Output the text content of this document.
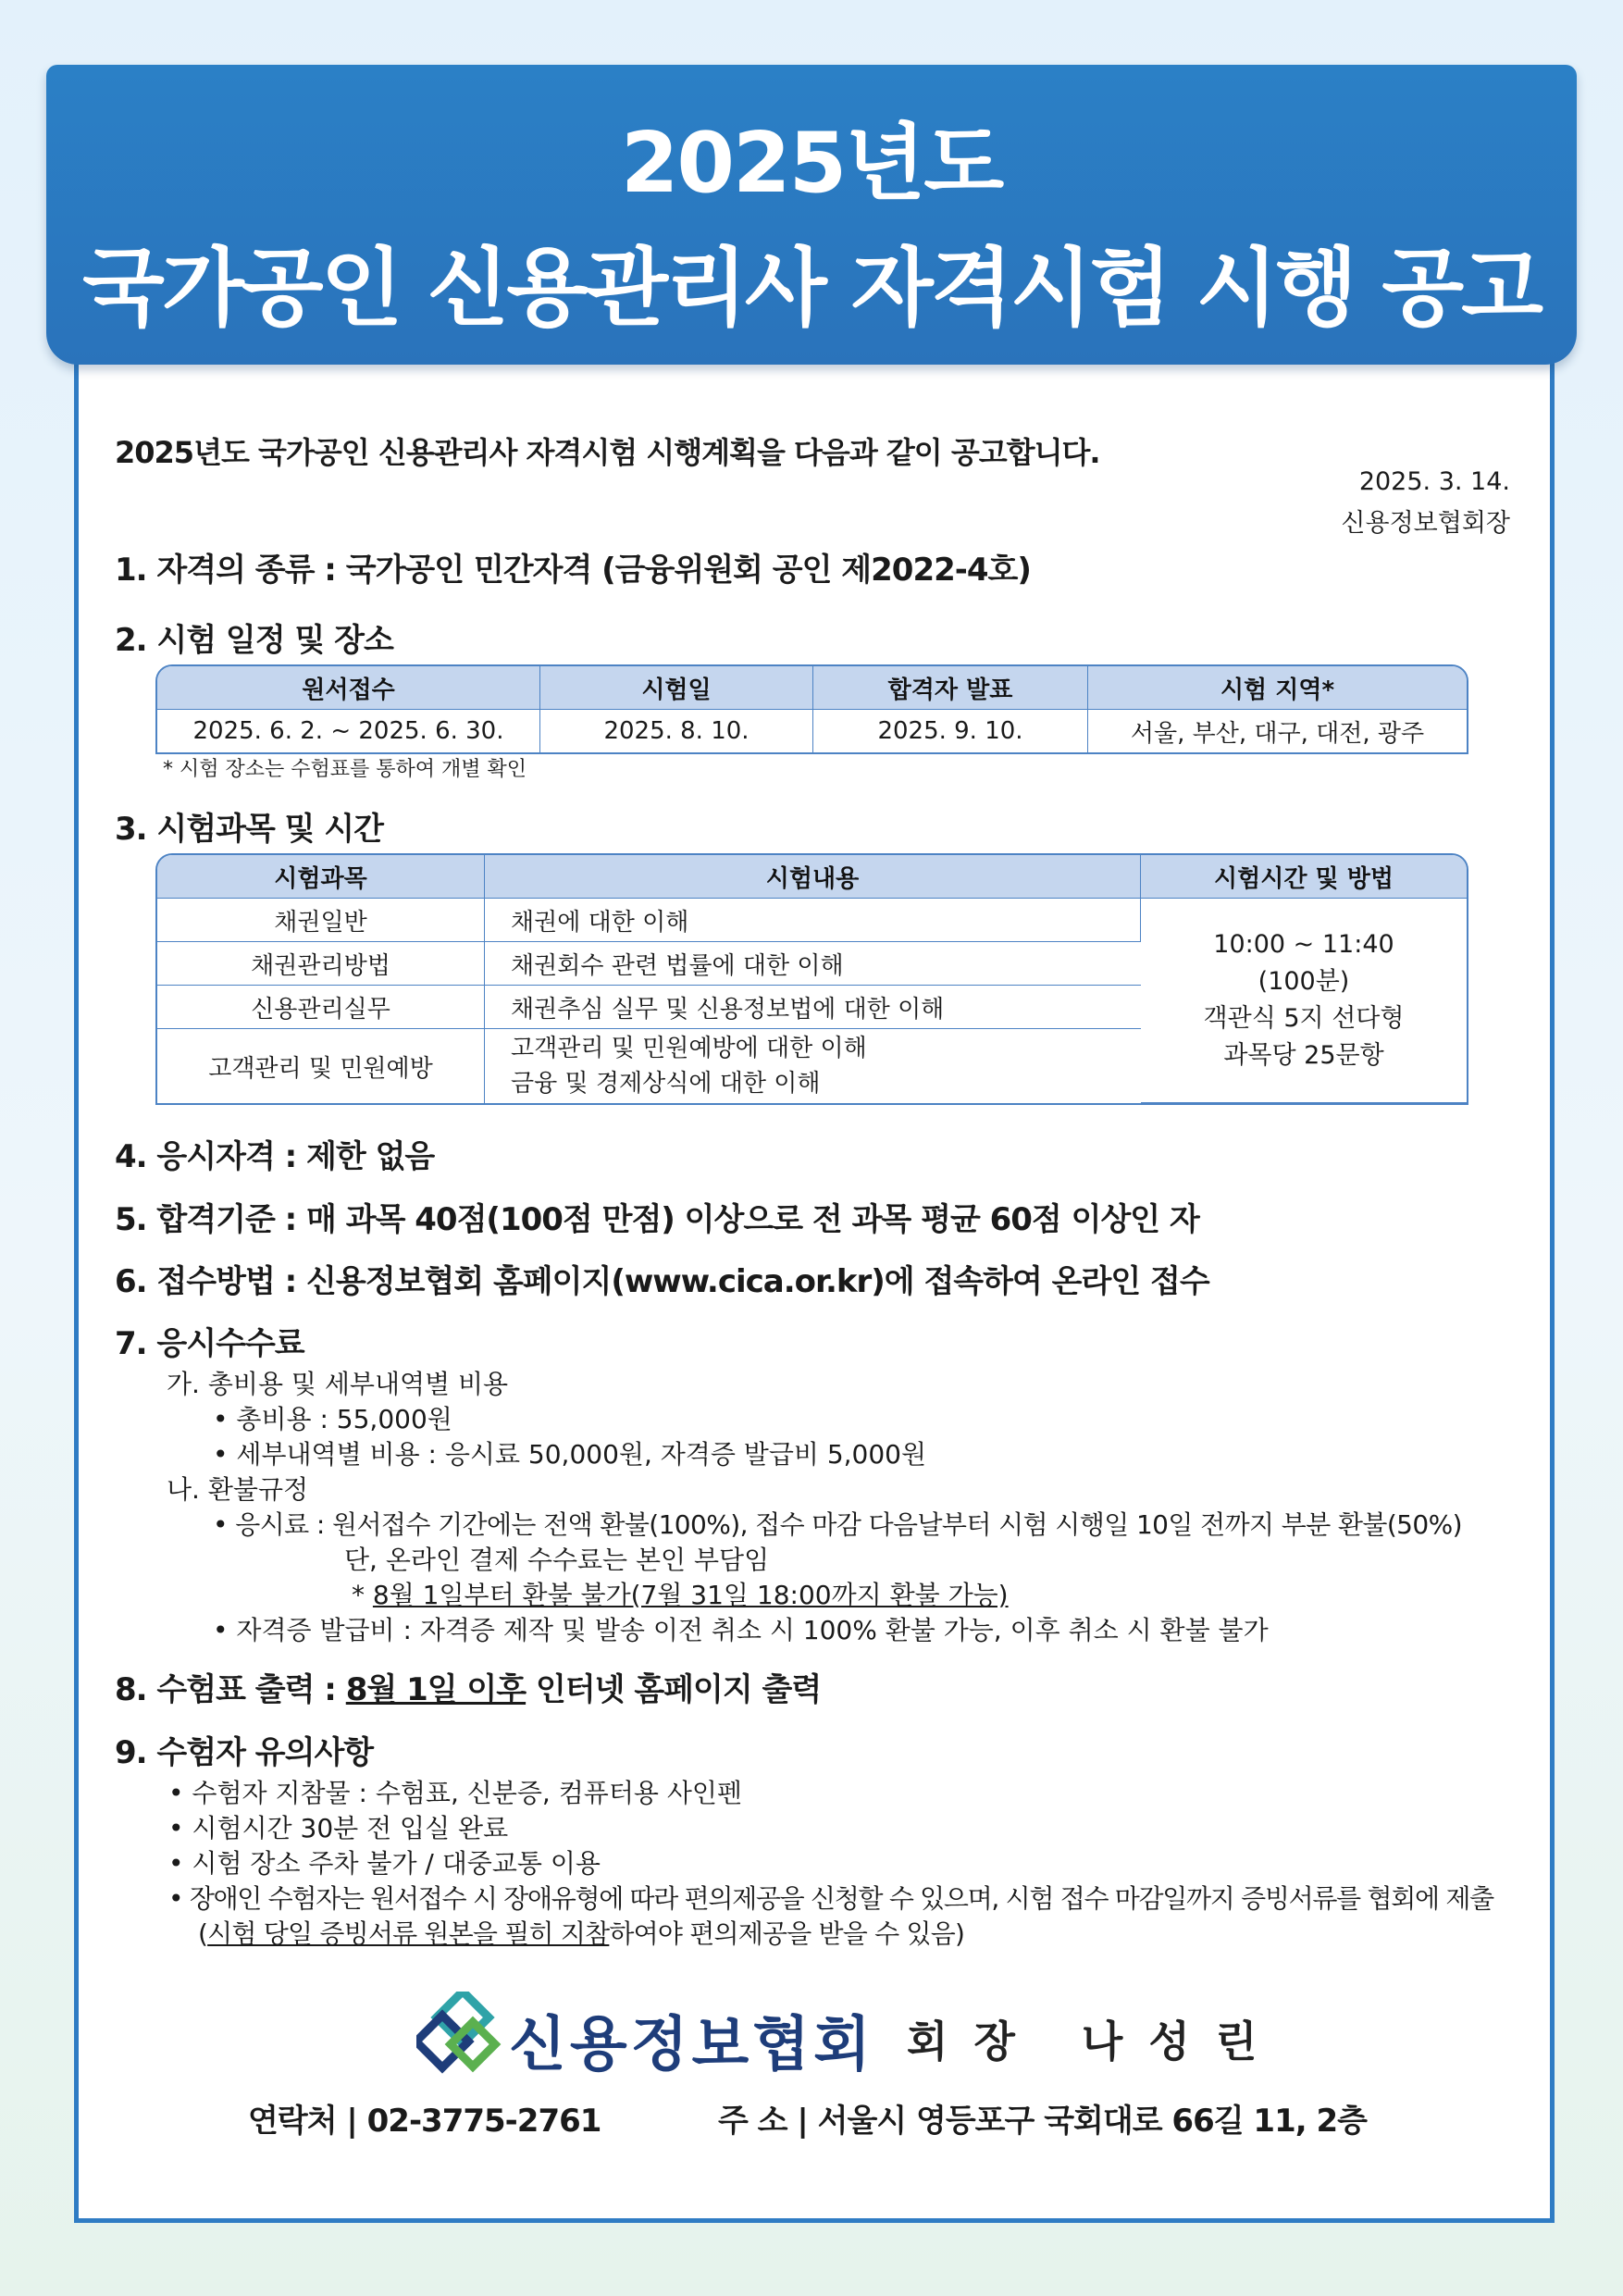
2025년도
국가공인 신용관리사 자격시험 시행 공고
2025년도 국가공인 신용관리사 자격시험 시행계획을 다음과 같이 공고합니다.
2025. 3. 14.
신용정보협회장
1. 자격의 종류 : 국가공인 민간자격 (금융위원회 공인 제2022-4호)
2. 시험 일정 및 장소
원서접수	시험일	합격자 발표	시험 지역*
2025. 6. 2. ~ 2025. 6. 30.	2025. 8. 10.	2025. 9. 10.	서울, 부산, 대구, 대전, 광주
* 시험 장소는 수험표를 통하여 개별 확인
3. 시험과목 및 시간
시험과목	시험내용	시험시간 및 방법
채권일반	채권에 대한 이해	10:00 ~ 11:40
(100분)
객관식 5지 선다형
과목당 25문항

채권관리방법	채권회수 관련 법률에 대한 이해	
신용관리실무	채권추심 실무 및 신용정보법에 대한 이해	
고객관리 및 민원예방	고객관리 및 민원예방에 대한 이해
금융 및 경제상식에 대한 이해	
4. 응시자격 : 제한 없음
5. 합격기준 : 매 과목 40점(100점 만점) 이상으로 전 과목 평균 60점 이상인 자
6. 접수방법 : 신용정보협회 홈페이지(www.cica.or.kr)에 접속하여 온라인 접수
7. 응시수수료
가. 총비용 및 세부내역별 비용
• 총비용 : 55,000원
• 세부내역별 비용 : 응시료 50,000원, 자격증 발급비 5,000원
나. 환불규정
• 응시료 : 원서접수 기간에는 전액 환불(100%), 접수 마감 다음날부터 시험 시행일 10일 전까지 부분 환불(50%)
단, 온라인 결제 수수료는 본인 부담임
* 8월 1일부터 환불 불가(7월 31일 18:00까지 환불 가능)
• 자격증 발급비 : 자격증 제작 및 발송 이전 취소 시 100% 환불 가능, 이후 취소 시 환불 불가
8. 수험표 출력 : 8월 1일 이후 인터넷 홈페이지 출력
9. 수험자 유의사항
• 수험자 지참물 : 수험표, 신분증, 컴퓨터용 사인펜
• 시험시간 30분 전 입실 완료
• 시험 장소 주차 불가 / 대중교통 이용
• 장애인 수험자는 원서접수 시 장애유형에 따라 편의제공을 신청할 수 있으며, 시험 접수 마감일까지 증빙서류를 협회에 제출
(시험 당일 증빙서류 원본을 필히 지참하여야 편의제공을 받을 수 있음)
신용정보협회 회 장   나 성 린
연락처 | 02-3775-2761	주 소 | 서울시 영등포구 국회대로 66길 11, 2층
